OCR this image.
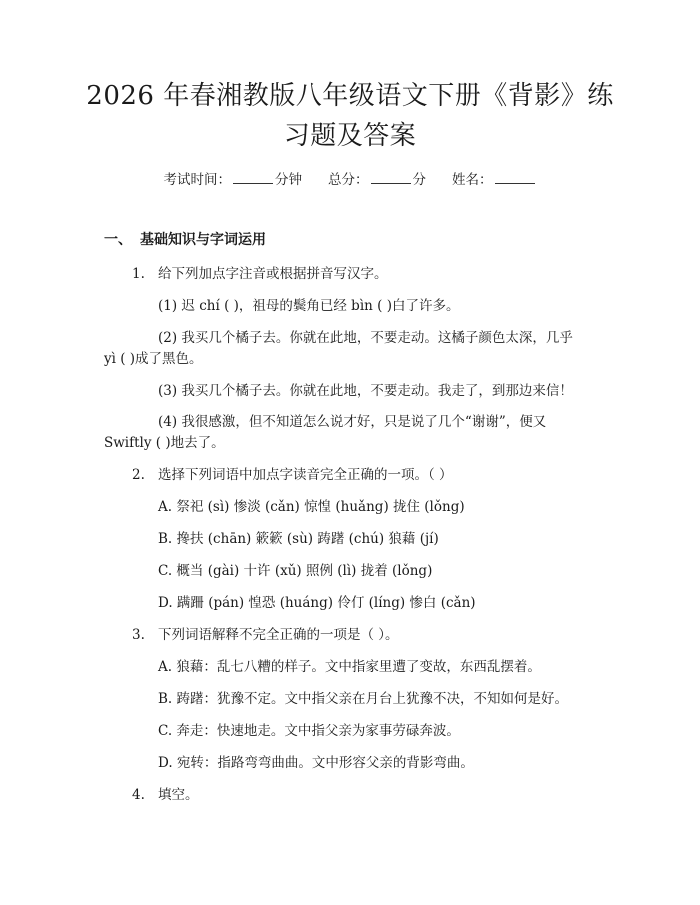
2026 年春湘教版八年级语文下册《背影》练
习题及答案
考试时间：	分钟 总分：	分 姓名：
一、 基础知识与字词运用
1. 给下列加点字注音或根据拼音写汉字。
(1) 迟 chí ( )，祖母的鬓角已经 bìn ( )白了许多。
(2) 我买几个橘子去。你就在此地，不要走动。这橘子颜色太深，几乎
yì ( )成了黑色。
(3) 我买几个橘子去。你就在此地，不要走动。我走了，到那边来信！
(4) 我很感激，但不知道怎么说才好，只是说了几个“谢谢”，便又
Swiftly ( )地去了。
2. 选择下列词语中加点字读音完全正确的一项。（ ）
A. 祭祀 (sì) 惨淡 (cǎn) 惊惶 (huǎng) 拢住 (lǒng)
B. 搀扶 (chān) 簌簌 (sù) 踌躇 (chú) 狼藉 (jí)
C. 概当 (gài) 十许 (xǔ) 照例 (lì) 拢着 (lǒng)
D. 蹒跚 (pán) 惶恐 (huáng) 伶仃 (líng) 惨白 (cǎn)
3. 下列词语解释不完全正确的一项是（ ）。
A. 狼藉：乱七八糟的样子。文中指家里遭了变故，东西乱摆着。
B. 踌躇：犹豫不定。文中指父亲在月台上犹豫不决，不知如何是好。
C. 奔走：快速地走。文中指父亲为家事劳碌奔波。
D. 宛转：指路弯弯曲曲。文中形容父亲的背影弯曲。
4. 填空。
